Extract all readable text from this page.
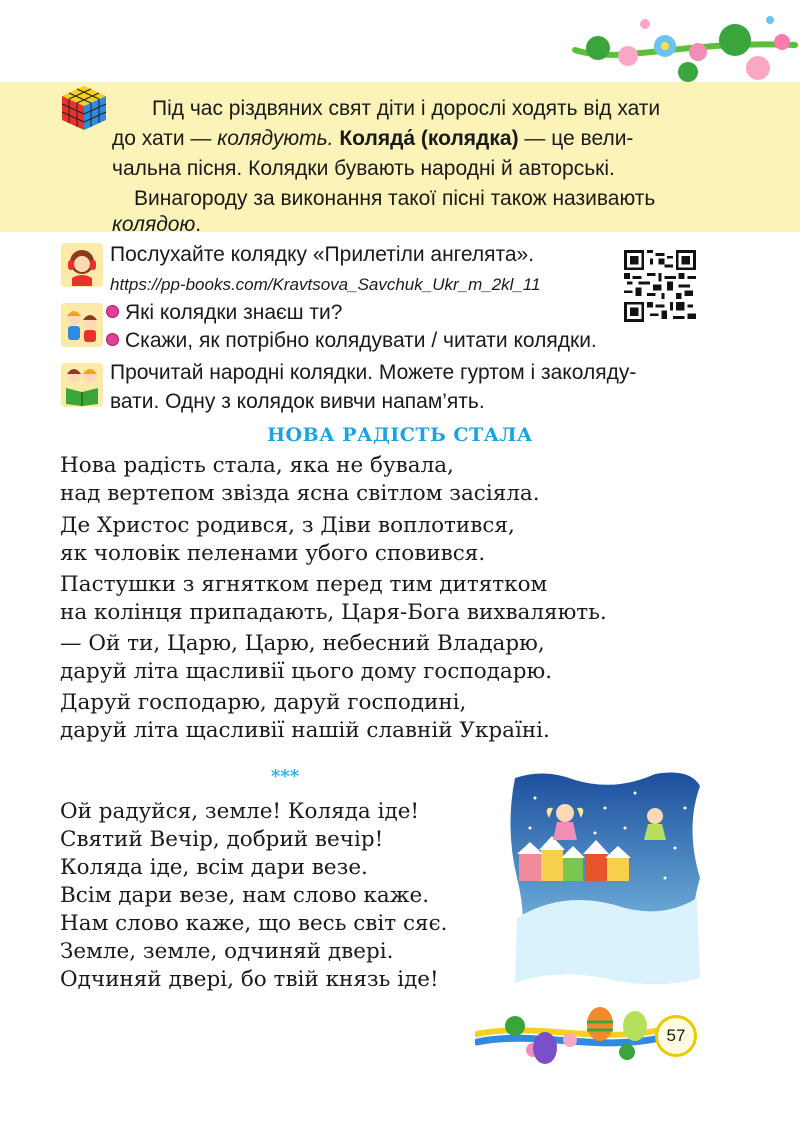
Під час різдвяних свят діти і дорослі ходять від хати
до хати — колядують. Коляда́ (колядка) — це вели-
чальна пісня. Колядки бувають народні й авторські.
Винагороду за виконання такої пісні також називають
колядою.
Послухайте колядку «Прилетіли ангелята».
https://pp-books.com/Kravtsova_Savchuk_Ukr_m_2kl_11
Які колядки знаєш ти?
Скажи, як потрібно колядувати / читати колядки.
Прочитай народні колядки. Можете гуртом і заколяду-
вати. Одну з колядок вивчи напам’ять.
НОВА РАДІСТЬ СТАЛА
Нова радість стала, яка не бувала,
над вертепом звізда ясна світлом засіяла.
Де Христос родився, з Діви воплотився,
як чоловік пеленами убого сповився.
Пастушки з ягнятком перед тим дитятком
на колінця припадають, Царя-Бога вихваляють.
— Ой ти, Царю, Царю, небесний Владарю,
даруй літа щасливії цього дому господарю.
Даруй господарю, даруй господині,
даруй літа щасливії нашій славній Україні.
***
Ой радуйся, земле! Коляда іде!
Святий Вечір, добрий вечір!
Коляда іде, всім дари везе.
Всім дари везе, нам слово каже.
Нам слово каже, що весь світ сяє.
Земле, земле, одчиняй двері.
Одчиняй двері, бо твій князь іде!
57
